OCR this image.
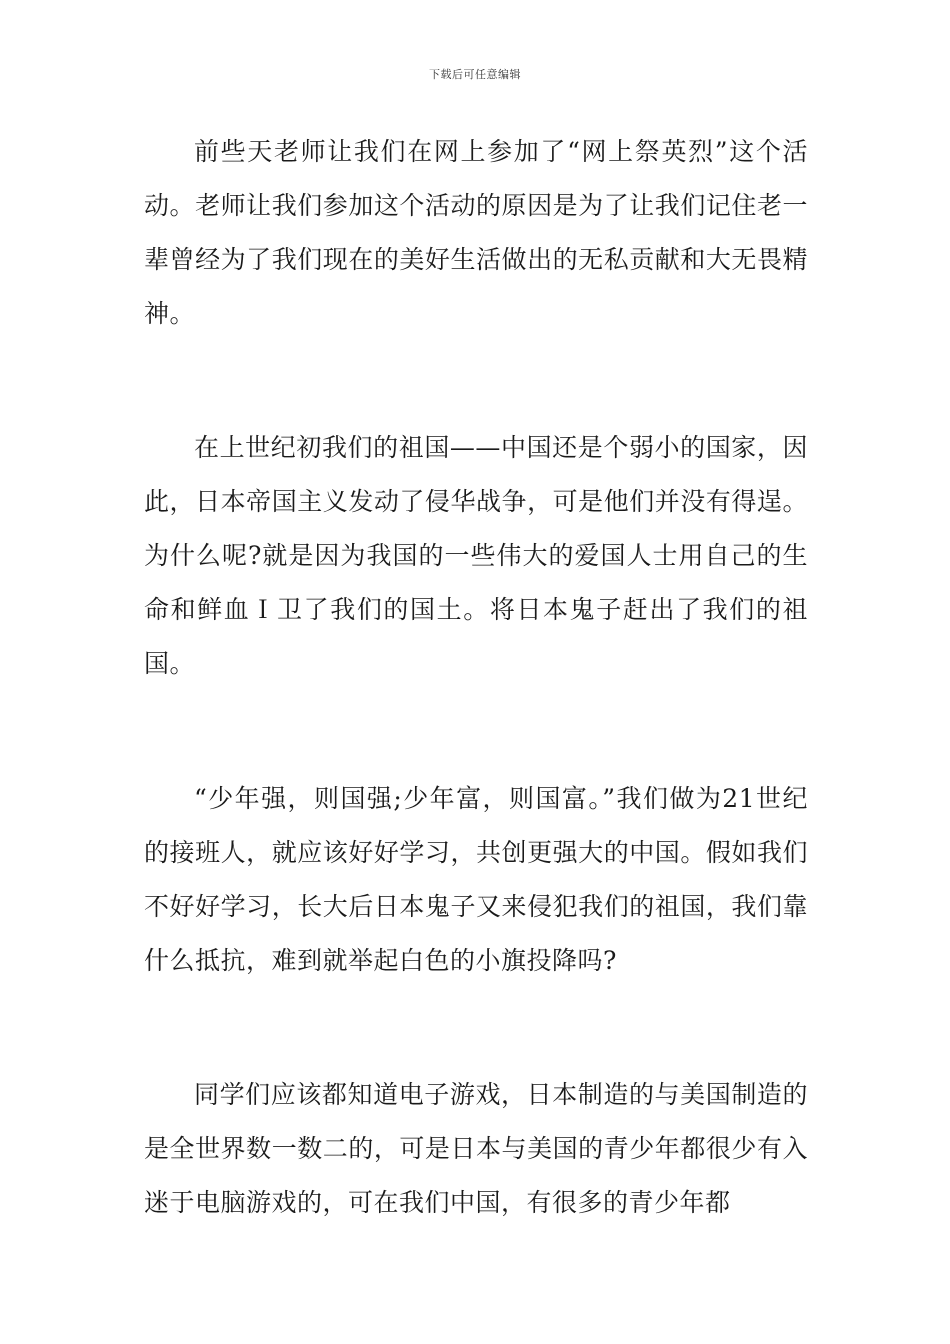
下载后可任意编辑

前些天老师让我们在网上参加了“网上祭英烈”这个活动。老师让我们参加这个活动的原因是为了让我们记住老一辈曾经为了我们现在的美好生活做出的无私贡献和大无畏精神。

在上世纪初我们的祖国——中国还是个弱小的国家，因此，日本帝国主义发动了侵华战争，可是他们并没有得逞。为什么呢?就是因为我国的一些伟大的爱国人士用自己的生命和鲜血Ｉ卫了我们的国土。将日本鬼子赶出了我们的祖国。

“少年强，则国强;少年富，则国富。”我们做为21世纪的接班人，就应该好好学习，共创更强大的中国。假如我们不好好学习，长大后日本鬼子又来侵犯我们的祖国，我们靠什么抵抗，难到就举起白色的小旗投降吗?

同学们应该都知道电子游戏，日本制造的与美国制造的是全世界数一数二的，可是日本与美国的青少年都很少有入迷于电脑游戏的，可在我们中国，有很多的青少年都
